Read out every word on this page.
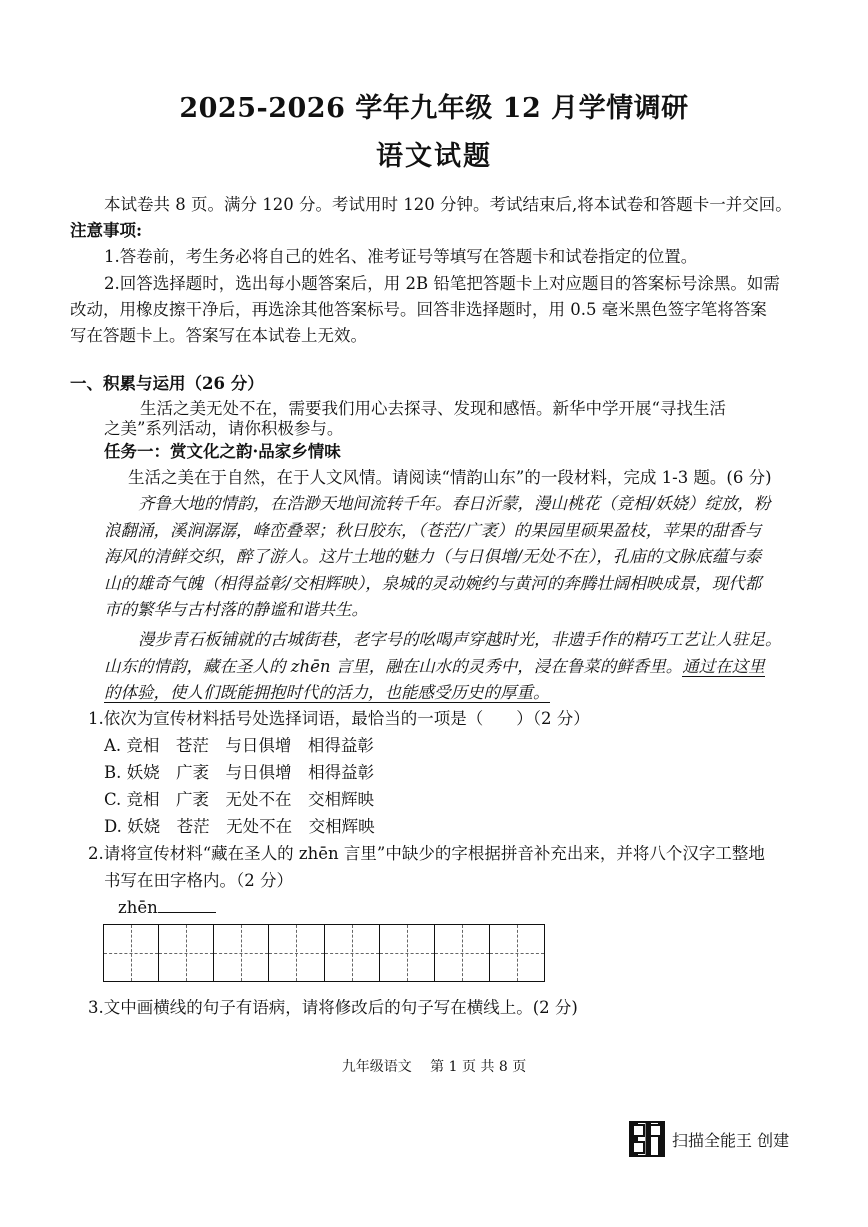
2025-2026 学年九年级 12 月学情调研
语文试题
本试卷共 8 页。满分 120 分。考试用时 120 分钟。考试结束后,将本试卷和答题卡一并交回。
注意事项:
1.答卷前，考生务必将自己的姓名、准考证号等填写在答题卡和试卷指定的位置。
2.回答选择题时，选出每小题答案后，用 2B 铅笔把答题卡上对应题目的答案标号涂黑。如需
改动，用橡皮擦干净后，再选涂其他答案标号。回答非选择题时，用 0.5 毫米黑色签字笔将答案
写在答题卡上。答案写在本试卷上无效。
一、积累与运用（26 分）
生活之美无处不在，需要我们用心去探寻、发现和感悟。新华中学开展“寻找生活
之美”系列活动，请你积极参与。
任务一：赏文化之韵·品家乡情味
生活之美在于自然，在于人文风情。请阅读“情韵山东”的一段材料，完成 1-3 题。(6 分)
齐鲁大地的情韵，在浩渺天地间流转千年。春日沂蒙，漫山桃花（竞相/妖娆）绽放，粉
浪翻涌，溪涧潺潺，峰峦叠翠；秋日胶东，（苍茫/广袤）的果园里硕果盈枝，苹果的甜香与
海风的清鲜交织，醉了游人。这片土地的魅力（与日俱增/无处不在），孔庙的文脉底蕴与泰
山的雄奇气魄（相得益彰/交相辉映），泉城的灵动婉约与黄河的奔腾壮阔相映成景，现代都
市的繁华与古村落的静谧和谐共生。
漫步青石板铺就的古城街巷，老字号的吆喝声穿越时光，非遗手作的精巧工艺让人驻足。
山东的情韵，藏在圣人的 zhēn 言里，融在山水的灵秀中，浸在鲁菜的鲜香里。通过在这里
的体验，使人们既能拥抱时代的活力，也能感受历史的厚重。
1.依次为宣传材料括号处选择词语，最恰当的一项是（　　）（2 分）
A. 竞相　苍茫　与日俱增　相得益彰
B. 妖娆　广袤　与日俱增　相得益彰
C. 竞相　广袤　无处不在　交相辉映
D. 妖娆　苍茫　无处不在　交相辉映
2.请将宣传材料“藏在圣人的 zhēn 言里”中缺少的字根据拼音补充出来，并将八个汉字工整地
书写在田字格内。（2 分）
zhēn
3.文中画横线的句子有语病，请将修改后的句子写在横线上。(2 分)
九年级语文　 第 1 页 共 8 页
扫描全能王 创建
